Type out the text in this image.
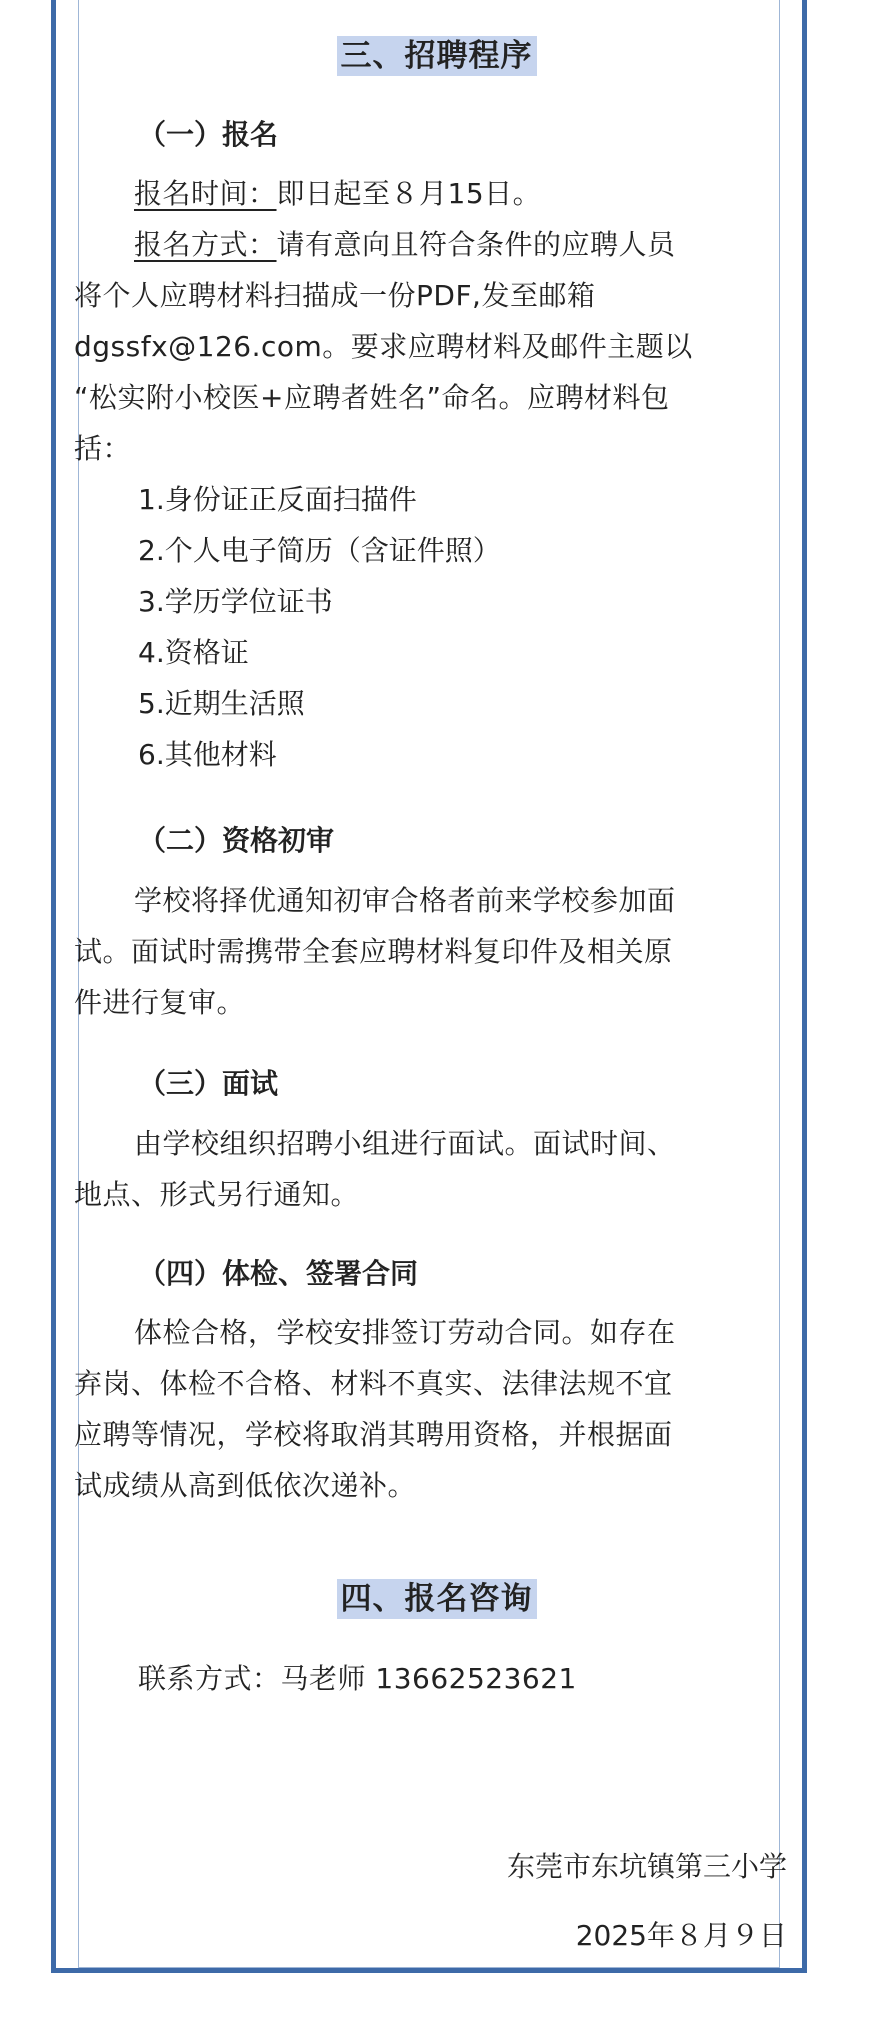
三、招聘程序
（一）报名
报名时间：即日起至８月15日。
报名方式：请有意向且符合条件的应聘人员
将个人应聘材料扫描成一份PDF,发至邮箱
dgssfx@126.com。要求应聘材料及邮件主题以
“松实附小校医+应聘者姓名”命名。应聘材料包
括：
1.身份证正反面扫描件
2.个人电子简历（含证件照）
3.学历学位证书
4.资格证
5.近期生活照
6.其他材料
（二）资格初审
学校将择优通知初审合格者前来学校参加面
试。面试时需携带全套应聘材料复印件及相关原
件进行复审。
（三）面试
由学校组织招聘小组进行面试。面试时间、
地点、形式另行通知。
（四）体检、签署合同
体检合格，学校安排签订劳动合同。如存在
弃岗、体检不合格、材料不真实、法律法规不宜
应聘等情况，学校将取消其聘用资格，并根据面
试成绩从高到低依次递补。
四、报名咨询
联系方式：马老师 13662523621
东莞市东坑镇第三小学
2025年８月９日
